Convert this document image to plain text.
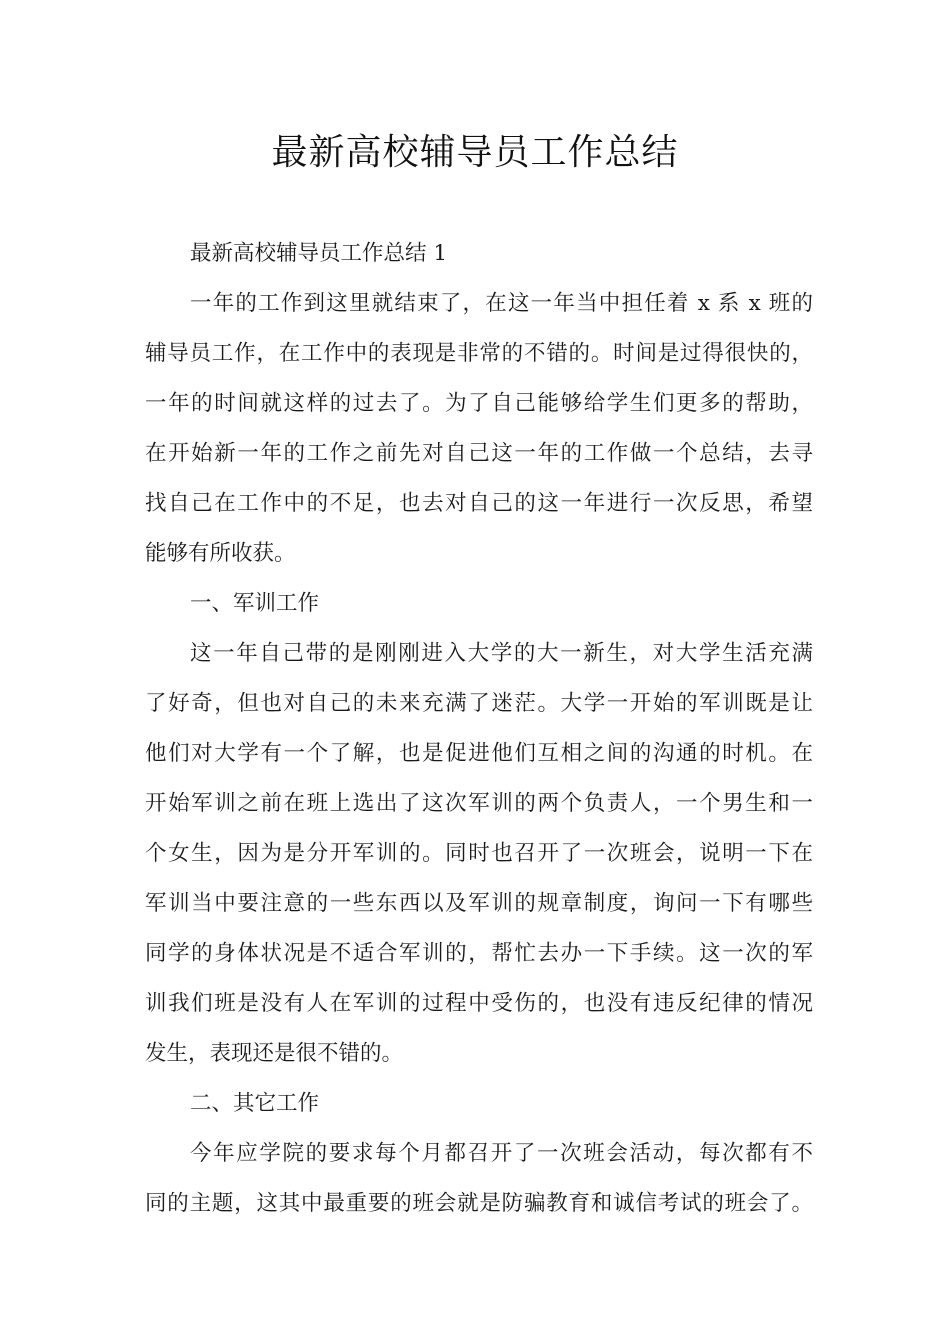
最新高校辅导员工作总结
最新高校辅导员工作总结 1
一年的工作到这里就结束了，在这一年当中担任着 x 系 x 班的
辅导员工作，在工作中的表现是非常的不错的。时间是过得很快的，
一年的时间就这样的过去了。为了自己能够给学生们更多的帮助，
在开始新一年的工作之前先对自己这一年的工作做一个总结，去寻
找自己在工作中的不足，也去对自己的这一年进行一次反思，希望
能够有所收获。
一、军训工作
这一年自己带的是刚刚进入大学的大一新生，对大学生活充满
了好奇，但也对自己的未来充满了迷茫。大学一开始的军训既是让
他们对大学有一个了解，也是促进他们互相之间的沟通的时机。在
开始军训之前在班上选出了这次军训的两个负责人，一个男生和一
个女生，因为是分开军训的。同时也召开了一次班会，说明一下在
军训当中要注意的一些东西以及军训的规章制度，询问一下有哪些
同学的身体状况是不适合军训的，帮忙去办一下手续。这一次的军
训我们班是没有人在军训的过程中受伤的，也没有违反纪律的情况
发生，表现还是很不错的。
二、其它工作
今年应学院的要求每个月都召开了一次班会活动，每次都有不
同的主题，这其中最重要的班会就是防骗教育和诚信考试的班会了。
